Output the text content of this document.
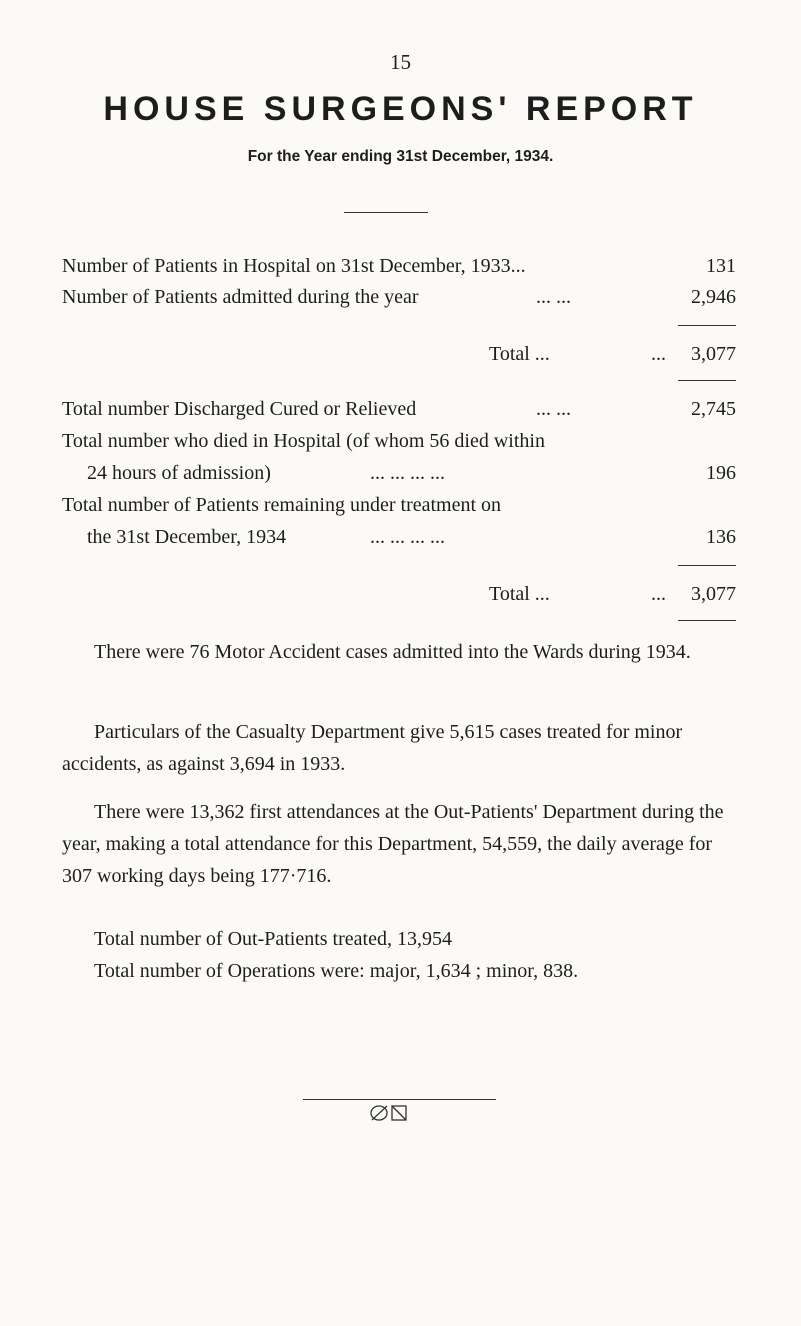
15
HOUSE SURGEONS' REPORT
For the Year ending 31st December, 1934.
Number of Patients in Hospital on 31st December, 1933...	131
Number of Patients admitted during the year	... ...	2,946
Total ...	... 3,077
Total number Discharged Cured or Relieved	... ...	2,745
Total number who died in Hospital (of whom 56 died within
24 hours of admission)	... ... ... ...	196
Total number of Patients remaining under treatment on
the 31st December, 1934	... ... ... ...	136
Total ...	... 3,077
There were 76 Motor Accident cases admitted into the Wards during 1934.
Particulars of the Casualty Department give 5,615 cases treated for minor accidents, as against 3,694 in 1933.
There were 13,362 first attendances at the Out-Patients' Department during the year, making a total attendance for this Department, 54,559, the daily average for 307 working days being 177·716.
Total number of Out-Patients treated, 13,954
Total number of Operations were: major, 1,634 ; minor, 838.
